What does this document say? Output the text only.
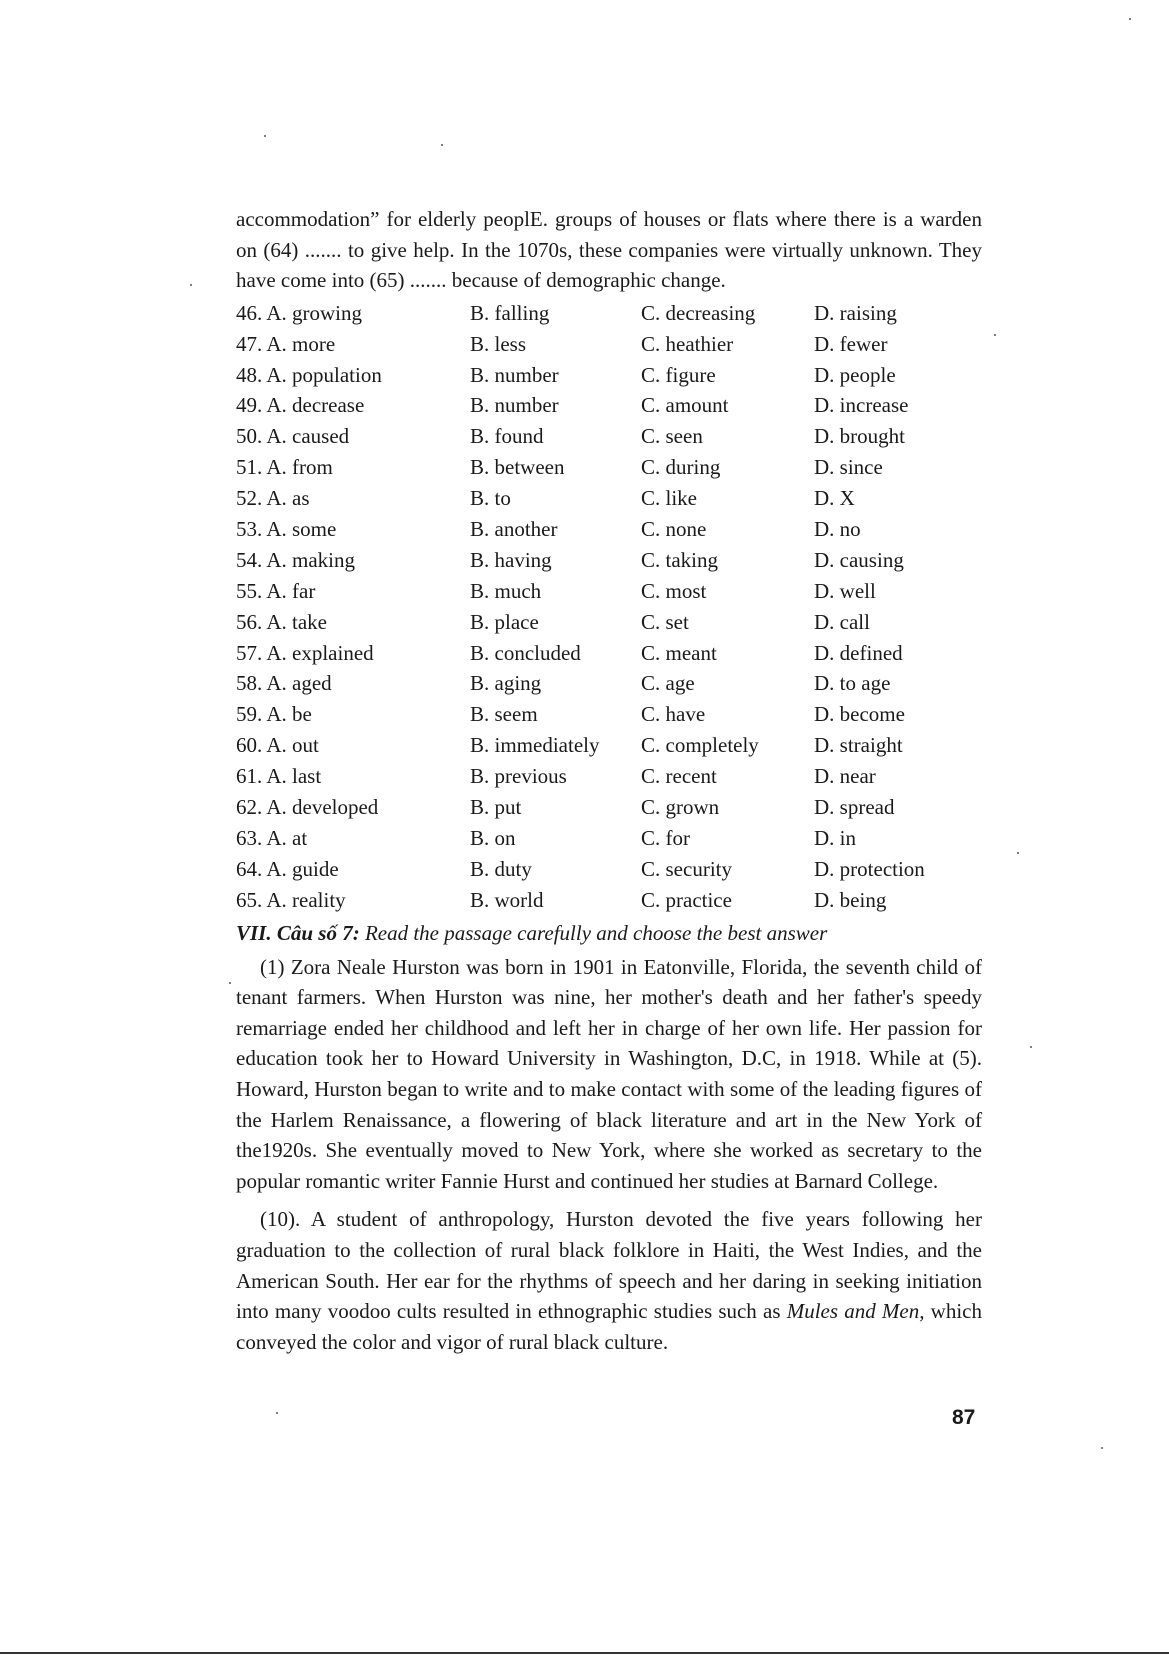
accommodation” for elderly peoplE. groups of houses or flats where there is a warden on (64) ....... to give help. In the 1070s, these companies were virtually unknown. They have come into (65) ....... because of demographic change.

46. A. growing	B. falling	C. decreasing	D. raising
47. A. more	B. less	C. heathier	D. fewer
48. A. population	B. number	C. figure	D. people
49. A. decrease	B. number	C. amount	D. increase
50. A. caused	B. found	C. seen	D. brought
51. A. from	B. between	C. during	D. since
52. A. as	B. to	C. like	D. X
53. A. some	B. another	C. none	D. no
54. A. making	B. having	C. taking	D. causing
55. A. far	B. much	C. most	D. well
56. A. take	B. place	C. set	D. call
57. A. explained	B. concluded	C. meant	D. defined
58. A. aged	B. aging	C. age	D. to age
59. A. be	B. seem	C. have	D. become
60. A. out	B. immediately	C. completely	D. straight
61. A. last	B. previous	C. recent	D. near
62. A. developed	B. put	C. grown	D. spread
63. A. at	B. on	C. for	D. in
64. A. guide	B. duty	C. security	D. protection
65. A. reality	B. world	C. practice	D. being
VII. Câu số 7: Read the passage carefully and choose the best answer

(1) Zora Neale Hurston was born in 1901 in Eatonville, Florida, the seventh child of tenant farmers. When Hurston was nine, her mother's death and her father's speedy remarriage ended her childhood and left her in charge of her own life. Her passion for education took her to Howard University in Washington, D.C, in 1918. While at (5). Howard, Hurston began to write and to make contact with some of the leading figures of the Harlem Renaissance, a flowering of black literature and art in the New York of the1920s. She eventually moved to New York, where she worked as secretary to the popular romantic writer Fannie Hurst and continued her studies at Barnard College.

(10). A student of anthropology, Hurston devoted the five years following her graduation to the collection of rural black folklore in Haiti, the West Indies, and the American South. Her ear for the rhythms of speech and her daring in seeking initiation into many voodoo cults resulted in ethnographic studies such as Mules and Men, which conveyed the color and vigor of rural black culture.

87
